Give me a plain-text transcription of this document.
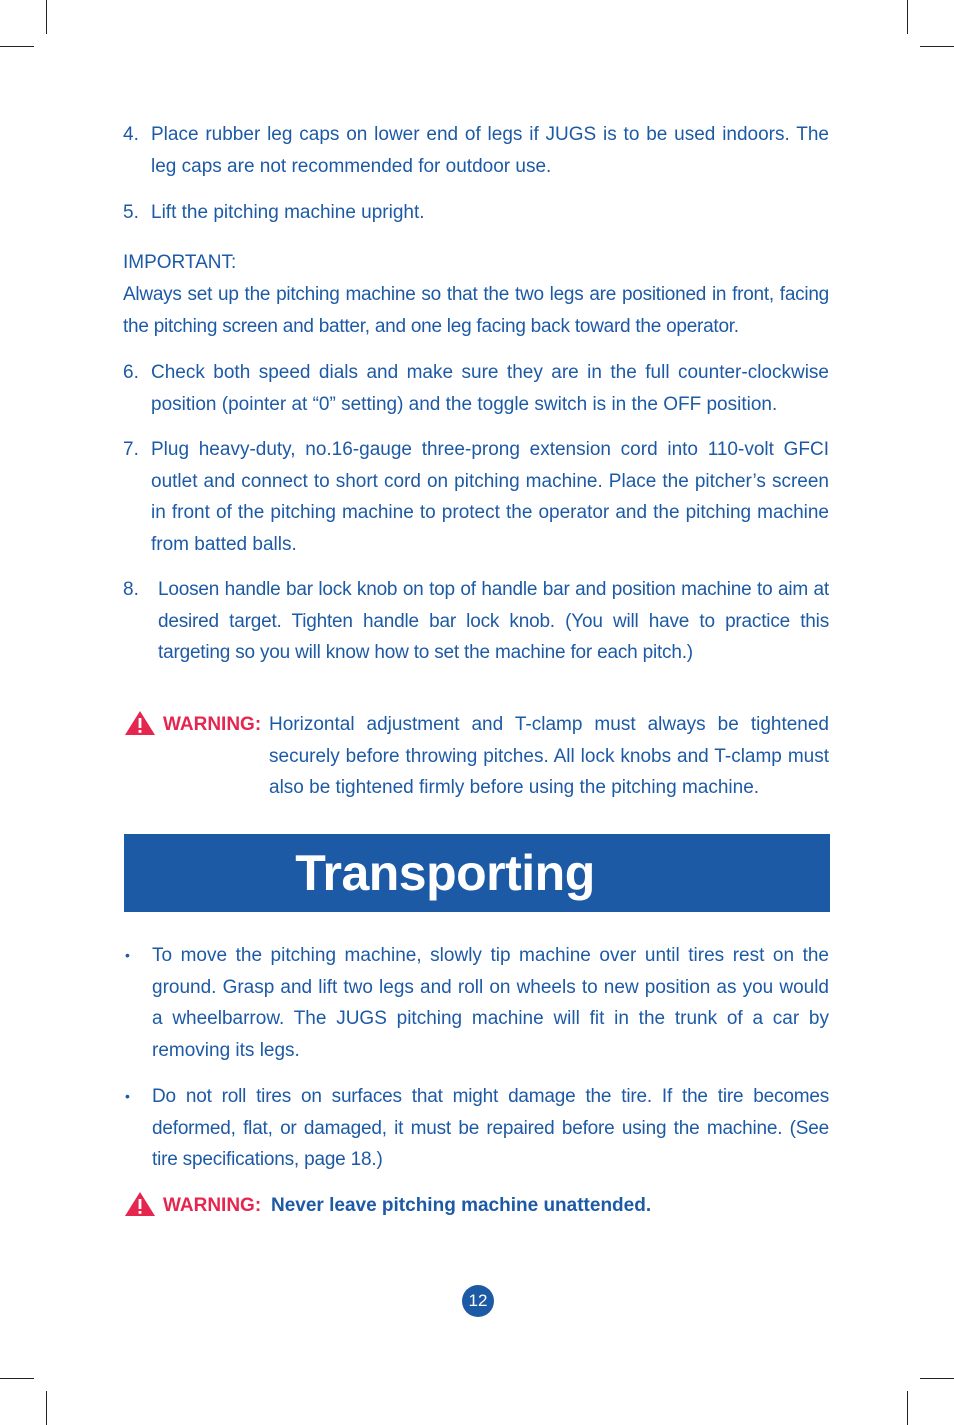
4. Place rubber leg caps on lower end of legs if JUGS is to be used indoors. The leg caps are not recommended for outdoor use.
5. Lift the pitching machine upright.
IMPORTANT:
Always set up the pitching machine so that the two legs are positioned in front, facing the pitching screen and batter, and one leg facing back toward the operator.
6. Check both speed dials and make sure they are in the full counter-clockwise position (pointer at “0” setting) and the toggle switch is in the OFF position.
7. Plug heavy-duty, no.16-gauge three-prong extension cord into 110-volt GFCI outlet and connect to short cord on pitching machine. Place the pitcher’s screen in front of the pitching machine to protect the operator and the pitching machine from batted balls.
8. Loosen handle bar lock knob on top of handle bar and position machine to aim at desired target. Tighten handle bar lock knob. (You will have to practice this targeting so you will know how to set the machine for each pitch.)
WARNING: Horizontal adjustment and T-clamp must always be tightened securely before throwing pitches. All lock knobs and T-clamp must also be tightened firmly before using the pitching machine.
Transporting
• To move the pitching machine, slowly tip machine over until tires rest on the ground. Grasp and lift two legs and roll on wheels to new position as you would a wheelbarrow. The JUGS pitching machine will fit in the trunk of a car by removing its legs.
• Do not roll tires on surfaces that might damage the tire. If the tire becomes deformed, flat, or damaged, it must be repaired before using the machine. (See tire specifications, page 18.)
WARNING: Never leave pitching machine unattended.
12
